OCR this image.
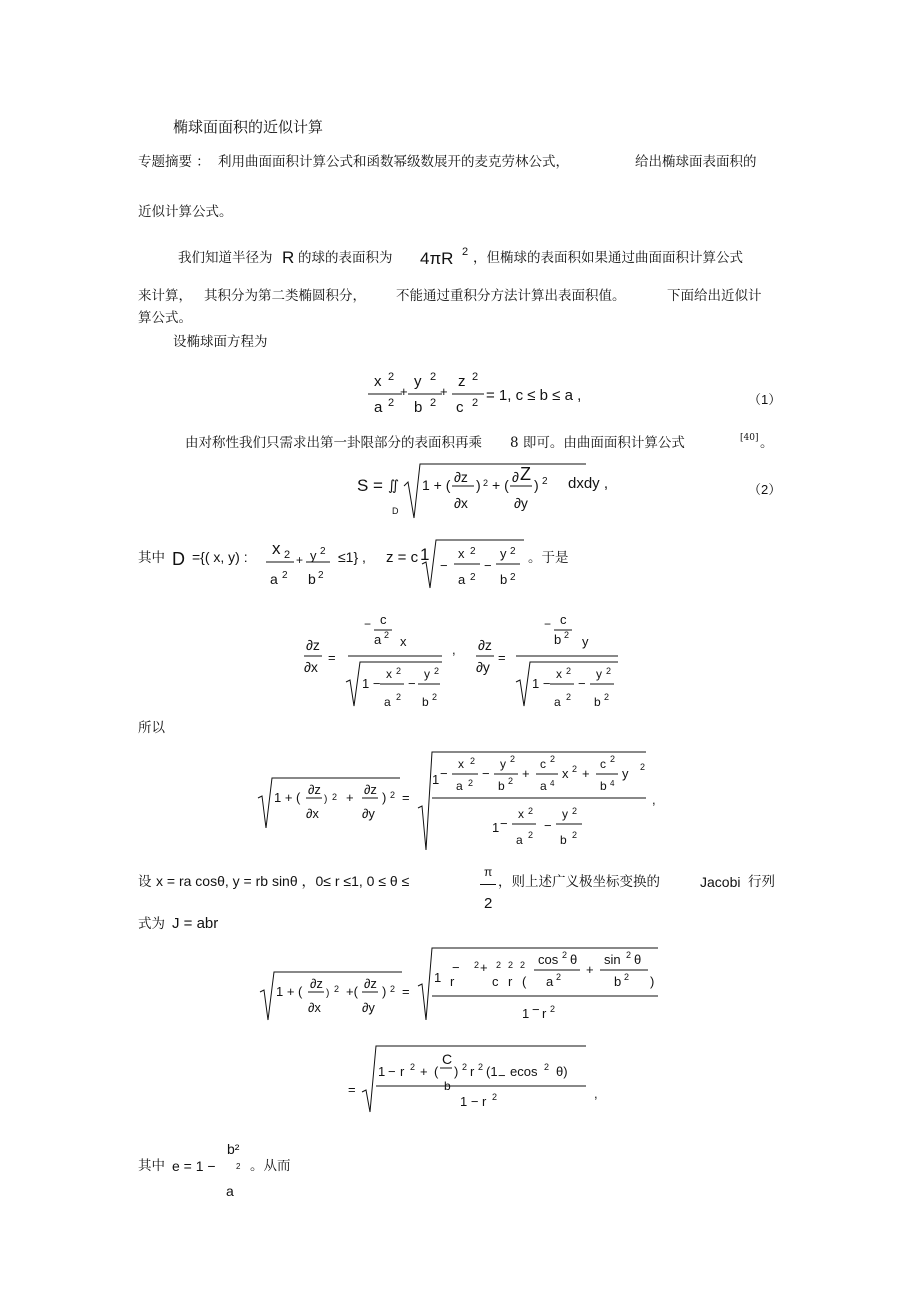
椭球面面积的近似计算
专题摘要 ： 利用曲面面积计算公式和函数幂级数展开的麦克劳林公式，	给出椭球面表面积的
近似计算公式。
我们知道半径为 R 的球的表面积为 4πR 2 ，但椭球的表面积如果通过曲面面积计算公式
来计算， 其积分为第二类椭圆积分， 不能通过重积分方法计算出表面积值。	下面给出近似计
算公式。
设椭球面方程为
x 2
a 2
+
y 2
b 2
+
z 2
c 2 = 1, c ≤ b ≤ a ,	（1）
由对称性我们只需求出第一卦限部分的表面积再乘 8 即可。由曲面面积计算公式	[40] 。
S = ∬
D
1 + ( ∂z
∂x
) 2 + ( ∂ Z
∂y
) 2 dxdy ,	（2）
其中 D ={( x, y) : x 2
a 2
+ y 2
b 2
≤1} , z = c 1
−
x 2
a 2
−
y 2
b 2
。于是
∂z
∂x
=
− c
a 2 x
1 −
x 2
a 2
−
y 2
b 2
, ∂z
∂y
=
− c
b 2 y
1 −
x 2
a 2
−
y 2
b 2
所以
1 + (
∂z
∂x
) 2 +
∂z
∂y
) 2 =
1 −
x 2
a 2
−
y 2
b 2 +
c 2
a 4
x 2 +
c 2
b 4
y 2
1 −
x 2
a 2
−
y 2
b 2
,
设 x = ra cosθ, y = rb sinθ ，0≤ r ≤1, 0 ≤ θ ≤
π
2
，则上述广义极坐标变换的	Jacobi 行列
式为 J = abr
1 + (
∂z
∂x
) 2 +(
∂z
∂y
) 2 =
1
−
r
2 + 2 2 2
c r (
cos 2 θ
a 2 +
sin 2 θ
b 2 )
1 − r 2
=
1 − r 2 + (
C
b
) 2 r 2 (1 − ecos 2 θ)
1 − r 2	,
其中 e = 1 −
b²
2
a
。从而
